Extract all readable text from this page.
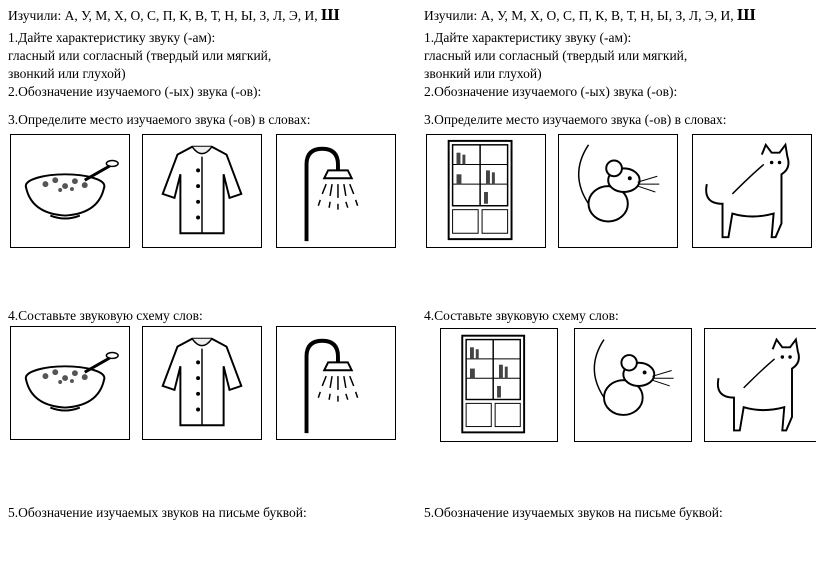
Изучили: А, У, М, Х, О, С, П, К, В, Т, Н, Ы, З, Л, Э, И, Ш
1.Дайте характеристику звуку (-ам):
гласный или согласный (твердый или мягкий,
звонкий или глухой)
2.Обозначение изучаемого (-ых) звука (-ов):
3.Определите место изучаемого звука (-ов) в словах:
4.Составьте звуковую схему слов:
5.Обозначение изучаемых звуков на письме буквой:
Изучили: А, У, М, Х, О, С, П, К, В, Т, Н, Ы, З, Л, Э, И, Ш
1.Дайте характеристику звуку (-ам):
гласный или согласный (твердый или мягкий,
звонкий или глухой)
2.Обозначение изучаемого (-ых) звука (-ов):
3.Определите место изучаемого звука (-ов) в словах:
4.Составьте звуковую схему слов:
5.Обозначение изучаемых звуков на письме буквой:
